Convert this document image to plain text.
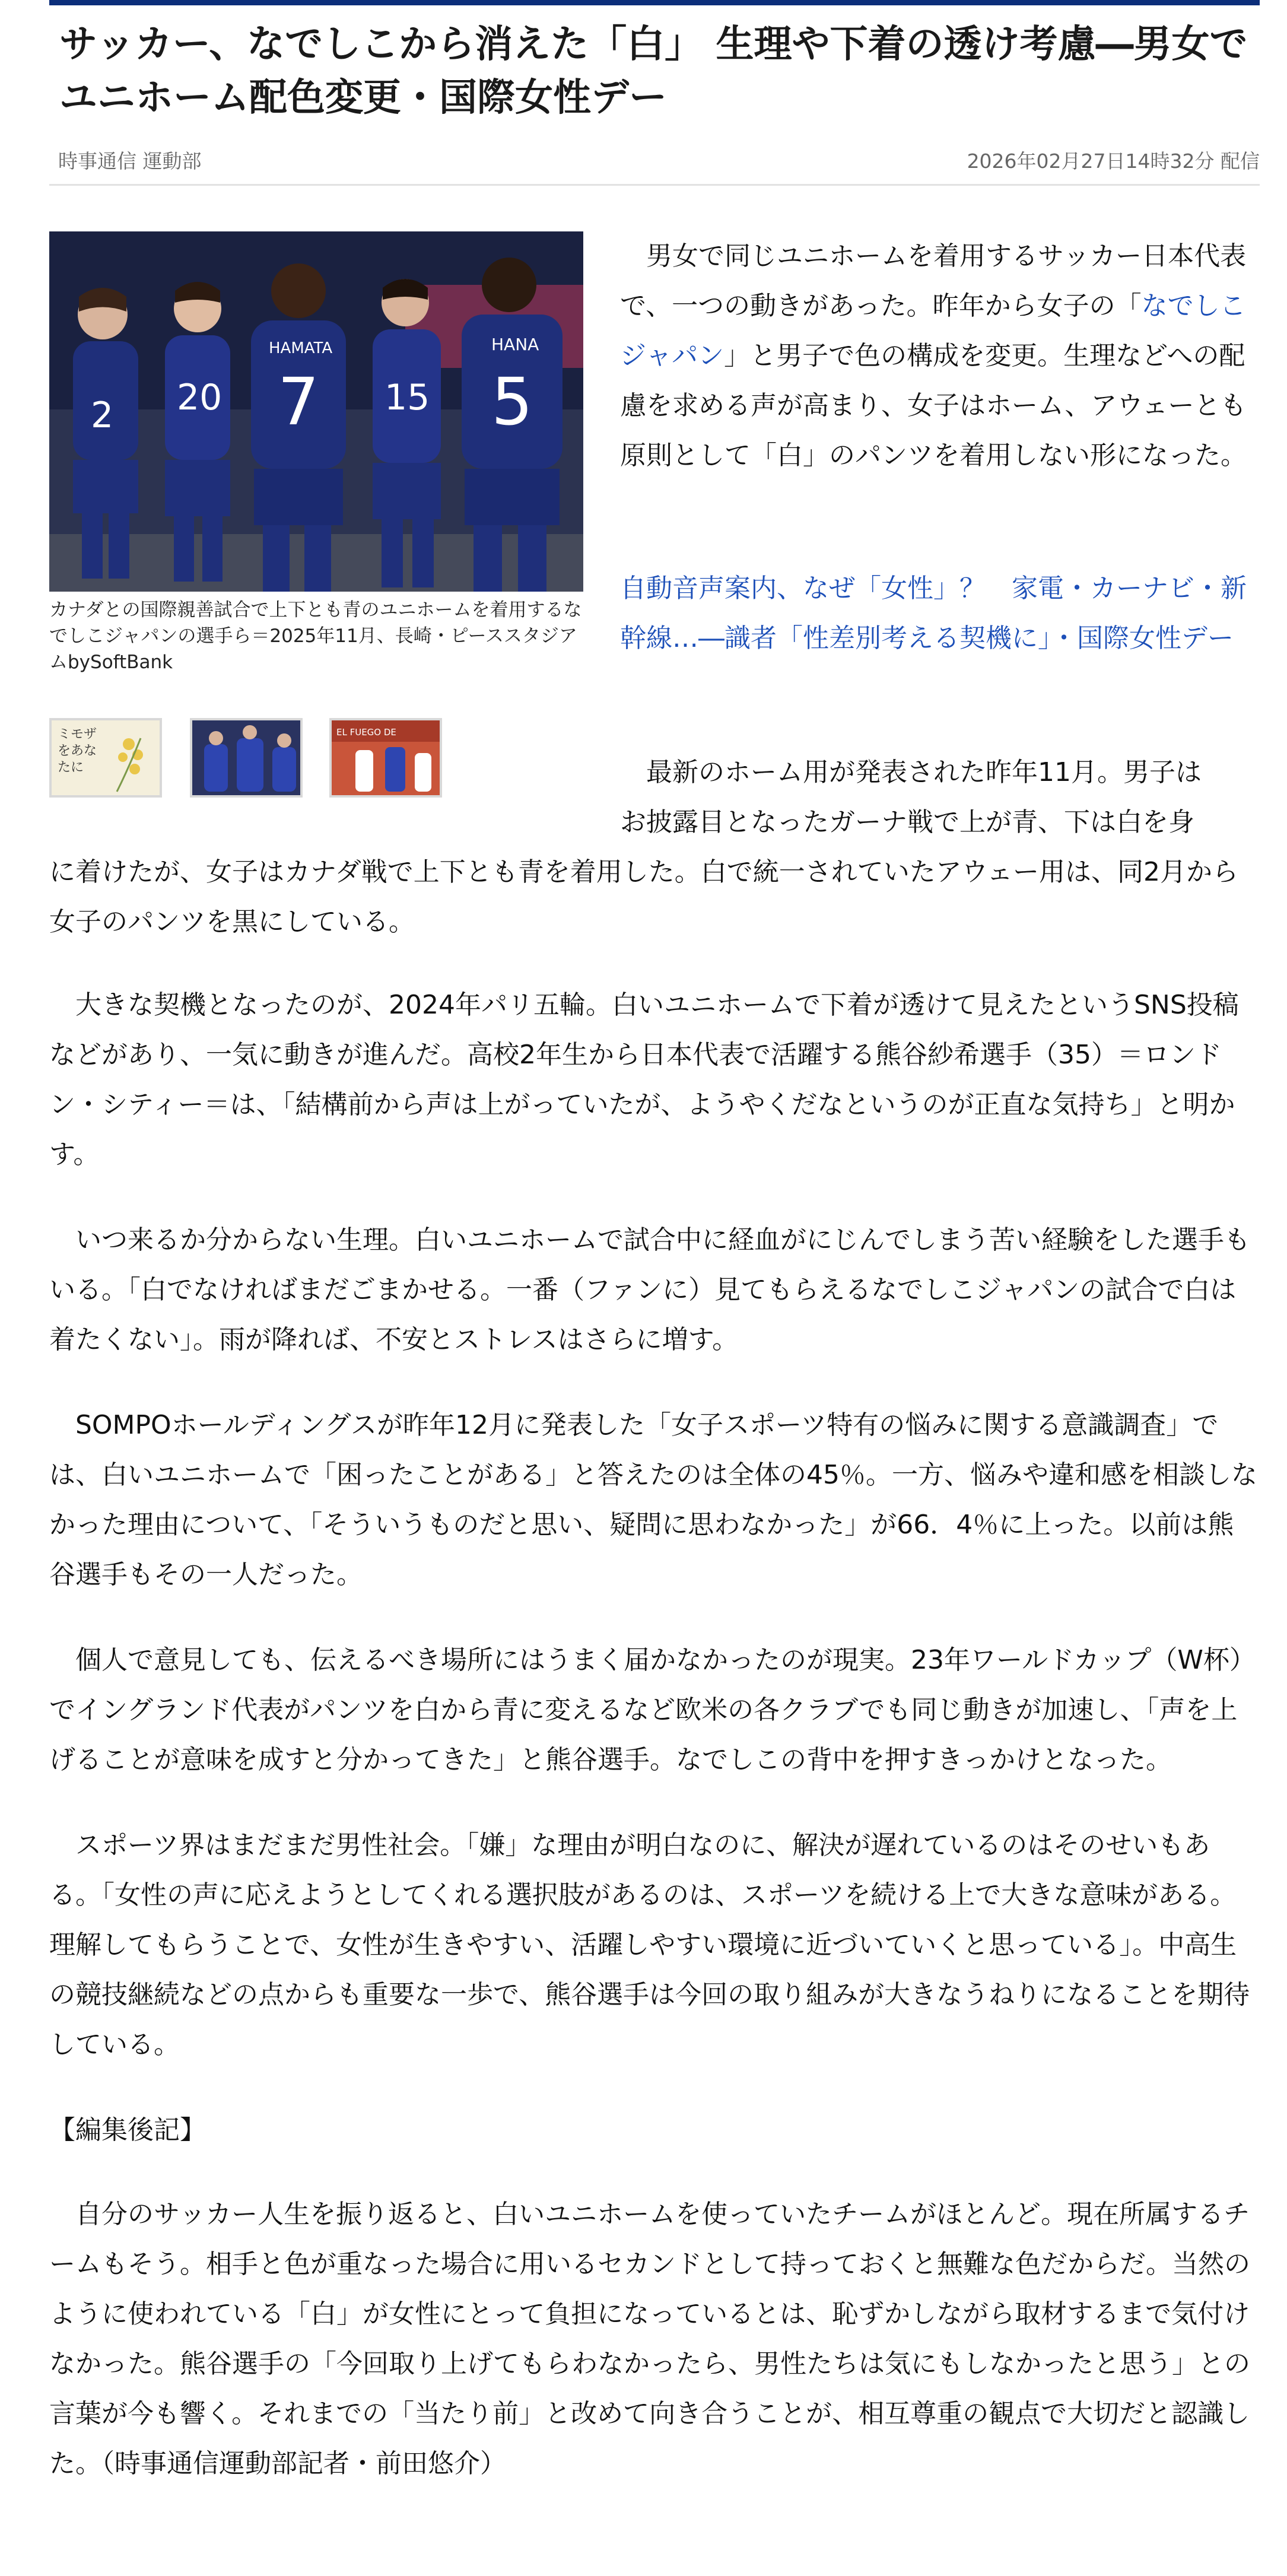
サッカー、なでしこから消えた「白」 生理や下着の透け考慮―男女でユニホーム配色変更・国際女性デー
時事通信 運動部	2026年02月27日14時32分 配信
2 20
HAMATA
7 15
HANA
5
カナダとの国際親善試合で上下とも青のユニホームを着用するなでしこジャパンの選手ら＝2025年11月、長崎・ピーススタジアムbySoftBank
ミモザをあなたに
EL FUEGO DE

　男女で同じユニホームを着用するサッカー日本代表で、一つの動きがあった。昨年から女子の「なでしこジャパン」と男子で色の構成を変更。生理などへの配慮を求める声が高まり、女子はホーム、アウェーとも原則として「白」のパンツを着用しない形になった。

自動音声案内、なぜ「女性」？　家電・カーナビ・新幹線…―識者「性差別考える契機に」・国際女性デー

　最新のホーム用が発表された昨年11月。男子は
お披露目となったガーナ戦で上が青、下は白を身
に着けたが、女子はカナダ戦で上下とも青を着用した。白で統一されていたアウェー用は、同2月から女子のパンツを黒にしている。

　大きな契機となったのが、2024年パリ五輪。白いユニホームで下着が透けて見えたというSNS投稿などがあり、一気に動きが進んだ。高校2年生から日本代表で活躍する熊谷紗希選手（35）＝ロンドン・シティー＝は、「結構前から声は上がっていたが、ようやくだなというのが正直な気持ち」と明かす。

　いつ来るか分からない生理。白いユニホームで試合中に経血がにじんでしまう苦い経験をした選手もいる。「白でなければまだごまかせる。一番（ファンに）見てもらえるなでしこジャパンの試合で白は着たくない」。雨が降れば、不安とストレスはさらに増す。

　SOMPOホールディングスが昨年12月に発表した「女子スポーツ特有の悩みに関する意識調査」では、白いユニホームで「困ったことがある」と答えたのは全体の45％。一方、悩みや違和感を相談しなかった理由について、「そういうものだと思い、疑問に思わなかった」が66．4％に上った。以前は熊谷選手もその一人だった。

　個人で意見しても、伝えるべき場所にはうまく届かなかったのが現実。23年ワールドカップ（W杯）でイングランド代表がパンツを白から青に変えるなど欧米の各クラブでも同じ動きが加速し、「声を上げることが意味を成すと分かってきた」と熊谷選手。なでしこの背中を押すきっかけとなった。

　スポーツ界はまだまだ男性社会。「嫌」な理由が明白なのに、解決が遅れているのはそのせいもある。「女性の声に応えようとしてくれる選択肢があるのは、スポーツを続ける上で大きな意味がある。理解してもらうことで、女性が生きやすい、活躍しやすい環境に近づいていくと思っている」。中高生の競技継続などの点からも重要な一歩で、熊谷選手は今回の取り組みが大きなうねりになることを期待している。

【編集後記】

　自分のサッカー人生を振り返ると、白いユニホームを使っていたチームがほとんど。現在所属するチームもそう。相手と色が重なった場合に用いるセカンドとして持っておくと無難な色だからだ。当然のように使われている「白」が女性にとって負担になっているとは、恥ずかしながら取材するまで気付けなかった。熊谷選手の「今回取り上げてもらわなかったら、男性たちは気にもしなかったと思う」との言葉が今も響く。それまでの「当たり前」と改めて向き合うことが、相互尊重の観点で大切だと認識した。（時事通信運動部記者・前田悠介）
